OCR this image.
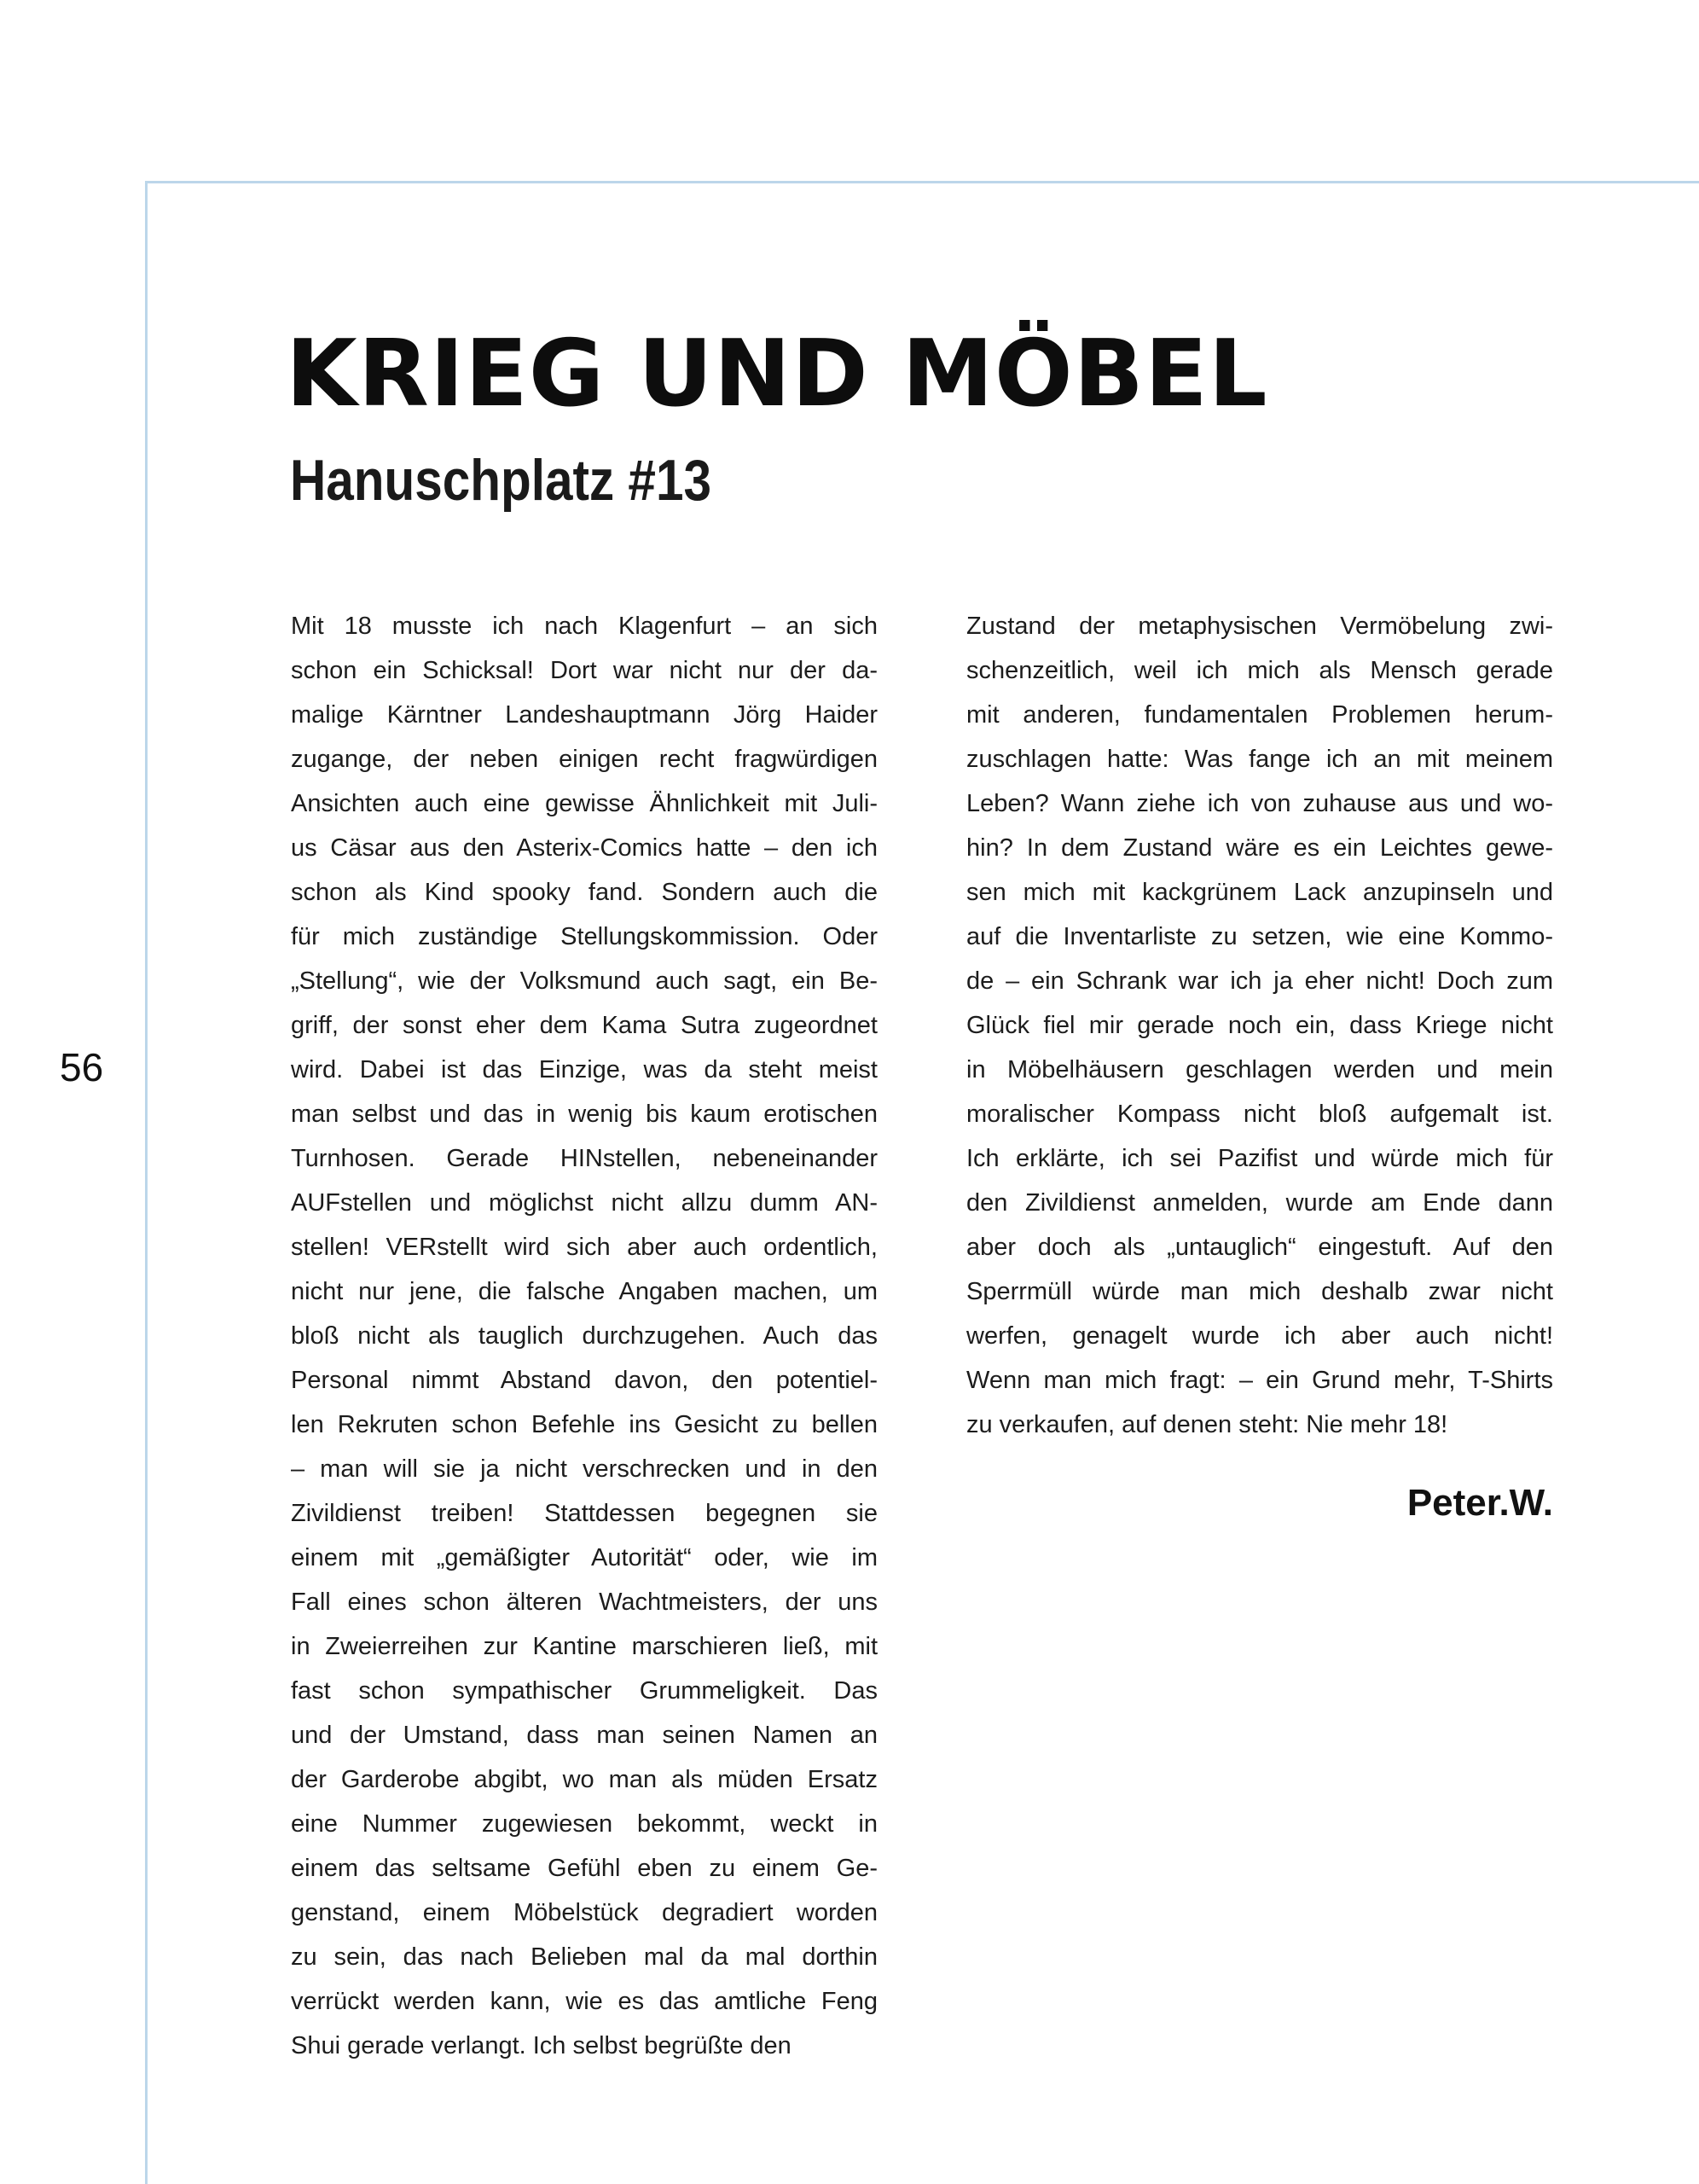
56
KRIEG UND MÖBEL
Hanuschplatz #13
Mit 18 musste ich nach Klagenfurt – an sich
schon ein Schicksal! Dort war nicht nur der da-
malige Kärntner Landeshauptmann Jörg Haider
zugange, der neben einigen recht fragwürdigen
Ansichten auch eine gewisse Ähnlichkeit mit Juli-
us Cäsar aus den Asterix-Comics hatte – den ich
schon als Kind spooky fand. Sondern auch die
für mich zuständige Stellungskommission. Oder
„Stellung“, wie der Volksmund auch sagt, ein Be-
griff, der sonst eher dem Kama Sutra zugeordnet
wird. Dabei ist das Einzige, was da steht meist
man selbst und das in wenig bis kaum erotischen
Turnhosen. Gerade HINstellen, nebeneinander
AUFstellen und möglichst nicht allzu dumm AN-
stellen! VERstellt wird sich aber auch ordentlich,
nicht nur jene, die falsche Angaben machen, um
bloß nicht als tauglich durchzugehen. Auch das
Personal nimmt Abstand davon, den potentiel-
len Rekruten schon Befehle ins Gesicht zu bellen
– man will sie ja nicht verschrecken und in den
Zivildienst treiben! Stattdessen begegnen sie
einem mit „gemäßigter Autorität“ oder, wie im
Fall eines schon älteren Wachtmeisters, der uns
in Zweierreihen zur Kantine marschieren ließ, mit
fast schon sympathischer Grummeligkeit. Das
und der Umstand, dass man seinen Namen an
der Garderobe abgibt, wo man als müden Ersatz
eine Nummer zugewiesen bekommt, weckt in
einem das seltsame Gefühl eben zu einem Ge-
genstand, einem Möbelstück degradiert worden
zu sein, das nach Belieben mal da mal dorthin
verrückt werden kann, wie es das amtliche Feng
Shui gerade verlangt. Ich selbst begrüßte den
Zustand der metaphysischen Vermöbelung zwi-
schenzeitlich, weil ich mich als Mensch gerade
mit anderen, fundamentalen Problemen herum-
zuschlagen hatte: Was fange ich an mit meinem
Leben? Wann ziehe ich von zuhause aus und wo-
hin? In dem Zustand wäre es ein Leichtes gewe-
sen mich mit kackgrünem Lack anzupinseln und
auf die Inventarliste zu setzen, wie eine Kommo-
de – ein Schrank war ich ja eher nicht! Doch zum
Glück fiel mir gerade noch ein, dass Kriege nicht
in Möbelhäusern geschlagen werden und mein
moralischer Kompass nicht bloß aufgemalt ist.
Ich erklärte, ich sei Pazifist und würde mich für
den Zivildienst anmelden, wurde am Ende dann
aber doch als „untauglich“ eingestuft. Auf den
Sperrmüll würde man mich deshalb zwar nicht
werfen, genagelt wurde ich aber auch nicht!
Wenn man mich fragt: – ein Grund mehr, T-Shirts
zu verkaufen, auf denen steht: Nie mehr 18!
Peter.W.
